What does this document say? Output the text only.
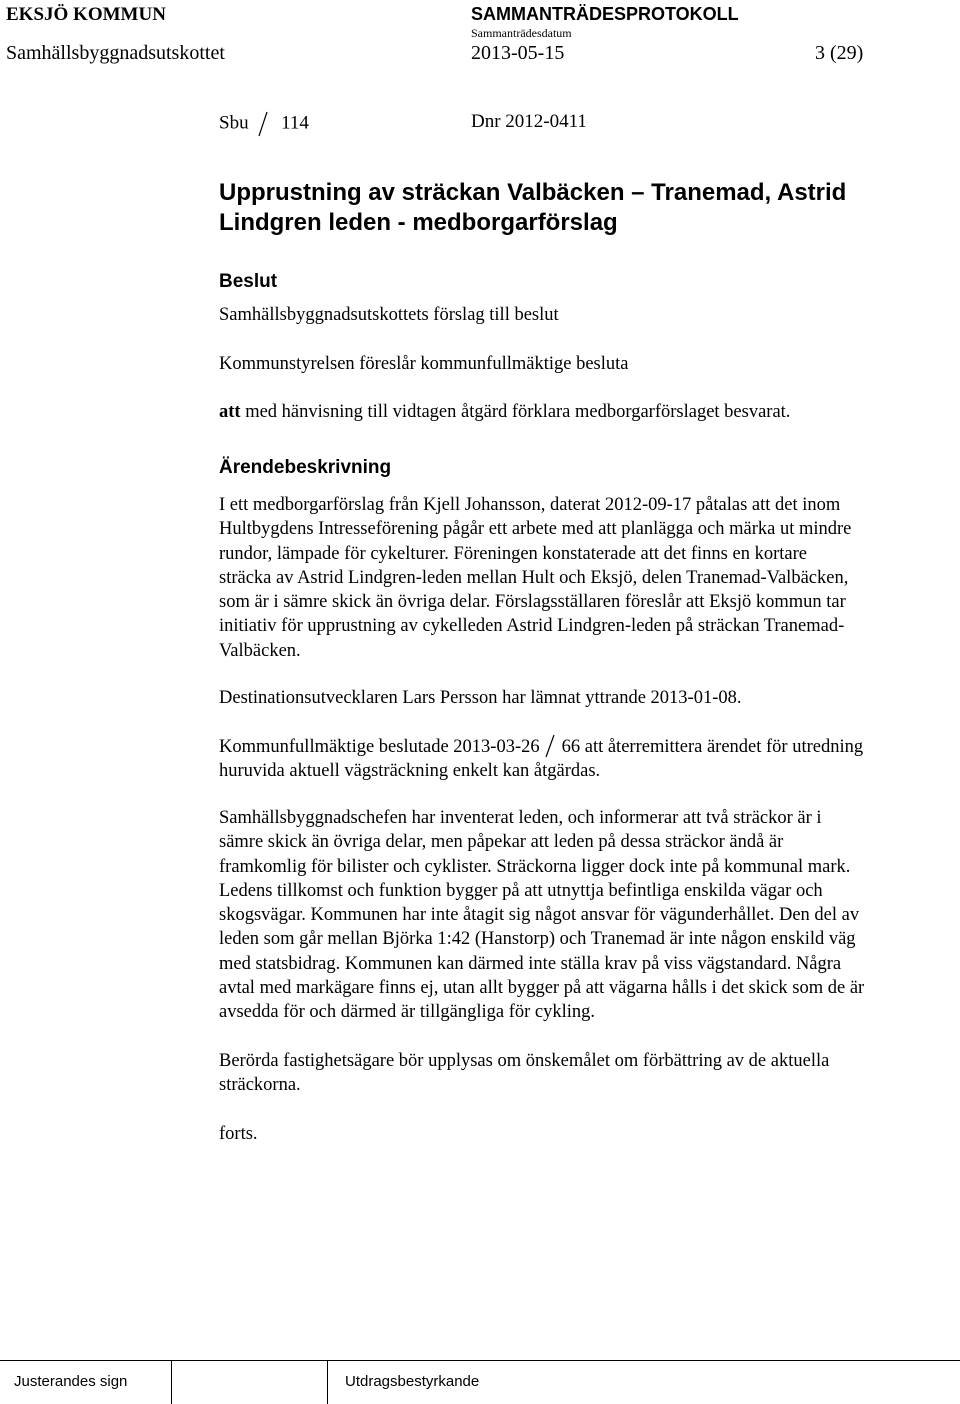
EKSJÖ KOMMUN	SAMMANTRÄDESPROTOKOLL
Sammanträdesdatum
Samhällsbyggnadsutskottet	2013-05-15	3 (29)
Sbu 114	Dnr 2012-0411
Upprustning av sträckan Valbäcken – Tranemad, Astrid Lindgren leden - medborgarförslag
Beslut
Samhällsbyggnadsutskottets förslag till beslut
Kommunstyrelsen föreslår kommunfullmäktige besluta
att med hänvisning till vidtagen åtgärd förklara medborgarförslaget besvarat.
Ärendebeskrivning
I ett medborgarförslag från Kjell Johansson, daterat 2012-09-17 påtalas att det inom
Hultbygdens Intresseförening pågår ett arbete med att planlägga och märka ut mindre
rundor, lämpade för cykelturer. Föreningen konstaterade att det finns en kortare
sträcka av Astrid Lindgren-leden mellan Hult och Eksjö, delen Tranemad-Valbäcken,
som är i sämre skick än övriga delar. Förslagsställaren föreslår att Eksjö kommun tar
initiativ för upprustning av cykelleden Astrid Lindgren-leden på sträckan Tranemad-
Valbäcken.
Destinationsutvecklaren Lars Persson har lämnat yttrande 2013-01-08.
Kommunfullmäktige beslutade 2013-03-26 66 att återremittera ärendet för utredning
huruvida aktuell vägsträckning enkelt kan åtgärdas.
Samhällsbyggnadschefen har inventerat leden, och informerar att två sträckor är i
sämre skick än övriga delar, men påpekar att leden på dessa sträckor ändå är
framkomlig för bilister och cyklister. Sträckorna ligger dock inte på kommunal mark.
Ledens tillkomst och funktion bygger på att utnyttja befintliga enskilda vägar och
skogsvägar. Kommunen har inte åtagit sig något ansvar för vägunderhållet. Den del av
leden som går mellan Björka 1:42 (Hanstorp) och Tranemad är inte någon enskild väg
med statsbidrag. Kommunen kan därmed inte ställa krav på viss vägstandard. Några
avtal med markägare finns ej, utan allt bygger på att vägarna hålls i det skick som de är
avsedda för och därmed är tillgängliga för cykling.
Berörda fastighetsägare bör upplysas om önskemålet om förbättring av de aktuella
sträckorna.
forts.
Justerandes sign	Utdragsbestyrkande
